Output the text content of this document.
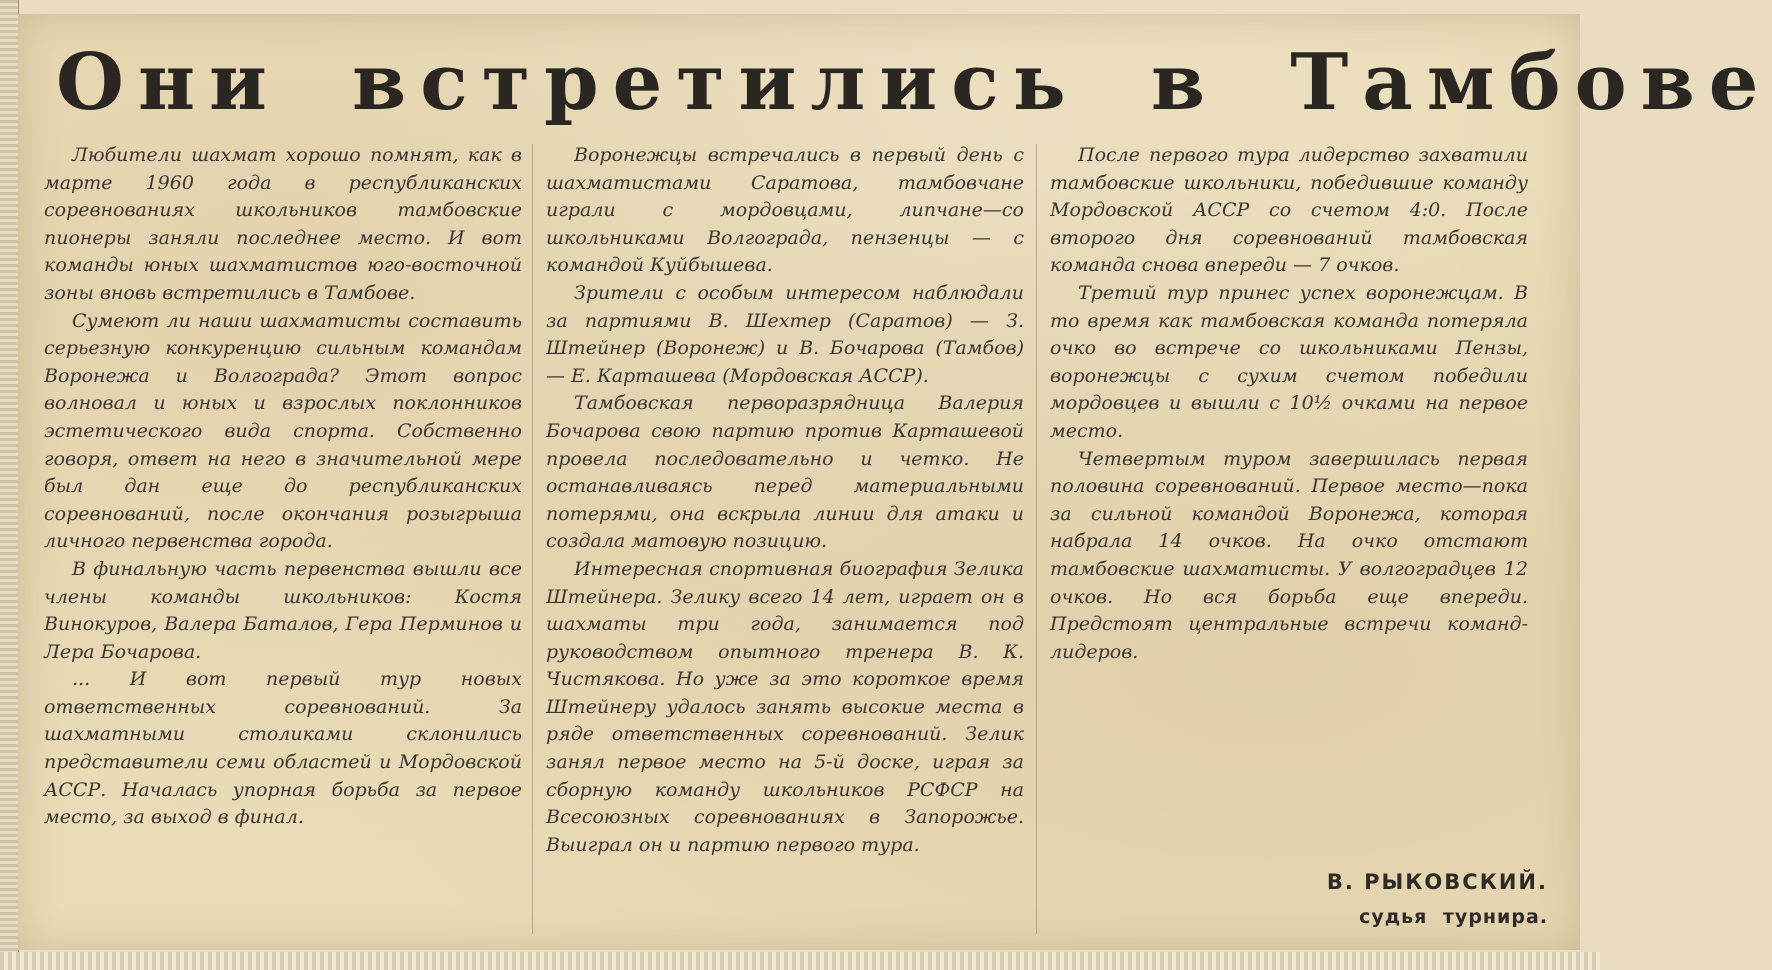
Они встретились в Тамбове

Любители шахмат хорошо помнят, как в марте 1960 года в республиканских соревнованиях школьников тамбовские пионеры заняли последнее место. И вот команды юных шахматистов юго-восточной зоны вновь встретились в Тамбове.

Сумеют ли наши шахматисты составить серьезную конкуренцию сильным командам Воронежа и Волгограда? Этот вопрос волновал и юных и взрослых поклонников эстетического вида спорта. Собственно говоря, ответ на него в значительной мере был дан еще до республиканских соревнований, после окончания розыгрыша личного первенства города.

В финальную часть первенства вышли все члены команды школьников: Костя Винокуров, Валера Баталов, Гера Перминов и Лера Бочарова.

... И вот первый тур новых ответственных соревнований. За шахматными столиками склонились представители семи областей и Мордовской АССР. Началась упорная борьба за первое место, за выход в финал.

Воронежцы встречались в первый день с шахматистами Саратова, тамбовчане играли с мордовцами, липчане—со школьниками Волгограда, пензенцы — с командой Куйбышева.

Зрители с особым интересом наблюдали за партиями В. Шехтер (Саратов) — З. Штейнер (Воронеж) и В. Бочарова (Тамбов) — Е. Карташева (Мордовская АССР).

Тамбовская перворазрядница Валерия Бочарова свою партию против Карташевой провела последовательно и четко. Не останавливаясь перед материальными потерями, она вскрыла линии для атаки и создала матовую позицию.

Интересная спортивная биография Зелика Штейнера. Зелику всего 14 лет, играет он в шахматы три года, занимается под руководством опытного тренера В. К. Чистякова. Но уже за это короткое время Штейнеру удалось занять высокие места в ряде ответственных соревнований. Зелик занял первое место на 5-й доске, играя за сборную команду школьников РСФСР на Всесоюзных соревнованиях в Запорожье. Выиграл он и партию первого тура.

После первого тура лидерство захватили тамбовские школьники, победившие команду Мордовской АССР со счетом 4:0. После второго дня соревнований тамбовская команда снова впереди — 7 очков.

Третий тур принес успех воронежцам. В то время как тамбовская команда потеряла очко во встрече со школьниками Пензы, воронежцы с сухим счетом победили мордовцев и вышли с 10½ очками на первое место.

Четвертым туром завершилась первая половина соревнований. Первое место—пока за сильной командой Воронежа, которая набрала 14 очков. На очко отстают тамбовские шахматисты. У волгоградцев 12 очков. Но вся борьба еще впереди. Предстоят центральные встречи команд-лидеров.

В. РЫКОВСКИЙ.

судья турнира.
